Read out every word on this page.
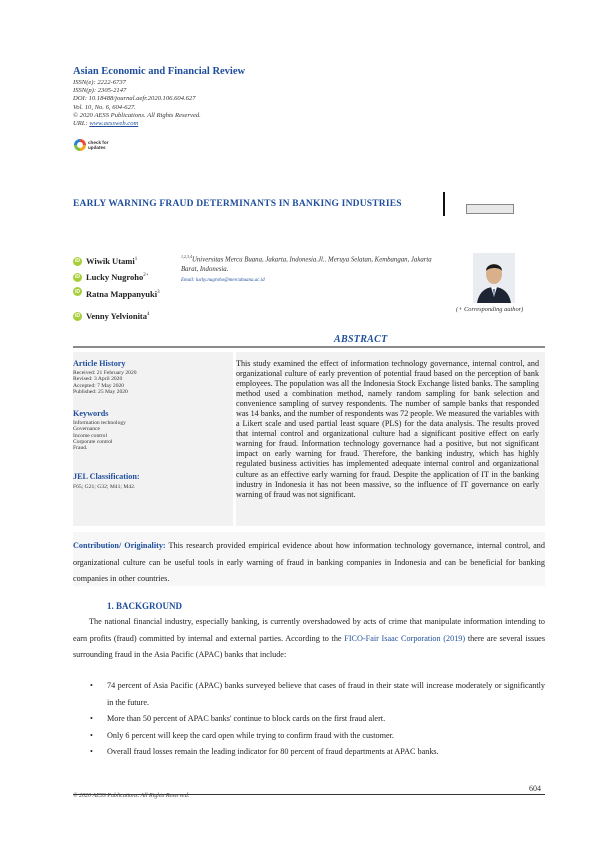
Asian Economic and Financial Review
ISSN(e): 2222-6737
ISSN(p): 2305-2147
DOI: 10.18488/journal.aefr.2020.106.604.627
Vol. 10, No. 6, 604-627.
© 2020 AESS Publications. All Rights Reserved.
URL: www.aessweb.com
check for updates
EARLY WARNING FRAUD DETERMINANTS IN BANKING INDUSTRIES
iD Wiwik Utami$^1$
iD Lucky Nugroho$^{2+}$
iD Ratna Mappanyuki$^3$
iD Venny Yelvionita$^4$
$^{1,2,3,4}$Universitas Mercu Buana, Jakarta, Indonesia.Jl.. Meruya Selatan, Kembangan, Jakarta Barat, Indonesia.
Email: lucky.nugroho@mercubuana.ac.id
(+ Corresponding author)
ABSTRACT
This study examined the effect of information technology governance, internal control, and organizational culture of early prevention of potential fraud based on the perception of bank employees. The population was all the Indonesia Stock Exchange listed banks. The sampling method used a combination method, namely random sampling for bank selection and convenience sampling of survey respondents. The number of sample banks that responded was 14 banks, and the number of respondents was 72 people. We measured the variables with a Likert scale and used partial least square (PLS) for the data analysis. The results proved that internal control and organizational culture had a significant positive effect on early warning for fraud. Information technology governance had a positive, but not significant impact on early warning for fraud. Therefore, the banking industry, which has highly regulated business activities has implemented adequate internal control and organizational culture as an effective early warning for fraud. Despite the application of IT in the banking industry in Indonesia it has not been massive, so the influence of IT governance on early warning of fraud was not significant.
Article History
Received: 21 February 2020
Revised: 3 April 2020
Accepted: 7 May 2020
Published: 25 May 2020
Keywords
Information technology
Governance
Income control
Corporate control
Fraud.
JEL Classification:
F65; G21; G32; M41; M42.
Contribution/ Originality: This research provided empirical evidence about how information technology governance, internal control, and organizational culture can be useful tools in early warning of fraud in banking companies in Indonesia and can be beneficial for banking companies in other countries.
1. BACKGROUND
The national financial industry, especially banking, is currently overshadowed by acts of crime that manipulate information intending to earn profits (fraud) committed by internal and external parties. According to the FICO-Fair Isaac Corporation (2019) there are several issues surrounding fraud in the Asia Pacific (APAC) banks that include:
• 74 percent of Asia Pacific (APAC) banks surveyed believe that cases of fraud in their state will increase moderately or significantly in the future.
• More than 50 percent of APAC banks' continue to block cards on the first fraud alert.
• Only 6 percent will keep the card open while trying to confirm fraud with the customer.
• Overall fraud losses remain the leading indicator for 80 percent of fraud departments at APAC banks.
604
© 2020 AESS Publications. All Rights Reserved.
